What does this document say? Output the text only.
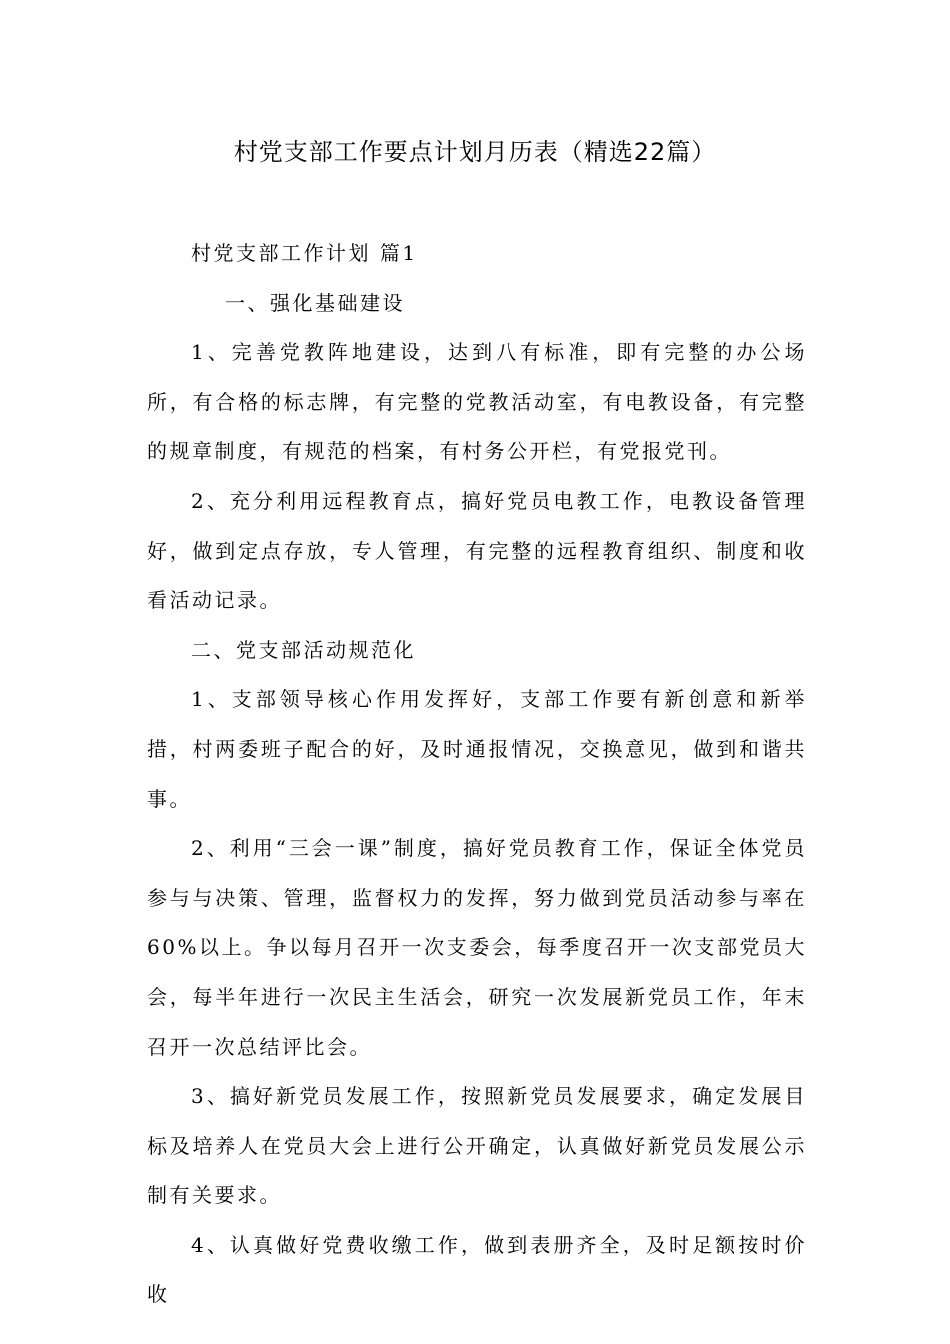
村党支部工作要点计划月历表（精选22篇）

村党支部工作计划 篇1

一、强化基础建设

1、完善党教阵地建设，达到八有标准，即有完整的办公场所，有合格的标志牌，有完整的党教活动室，有电教设备，有完整的规章制度，有规范的档案，有村务公开栏，有党报党刊。

2、充分利用远程教育点，搞好党员电教工作，电教设备管理好，做到定点存放，专人管理，有完整的远程教育组织、制度和收看活动记录。

二、党支部活动规范化

1、支部领导核心作用发挥好，支部工作要有新创意和新举措，村两委班子配合的好，及时通报情况，交换意见，做到和谐共事。

2、利用“三会一课”制度，搞好党员教育工作，保证全体党员参与与决策、管理，监督权力的发挥，努力做到党员活动参与率在60%以上。争以每月召开一次支委会，每季度召开一次支部党员大会，每半年进行一次民主生活会，研究一次发展新党员工作，年末召开一次总结评比会。

3、搞好新党员发展工作，按照新党员发展要求，确定发展目标及培养人在党员大会上进行公开确定，认真做好新党员发展公示制有关要求。

4、认真做好党费收缴工作，做到表册齐全，及时足额按时价收
